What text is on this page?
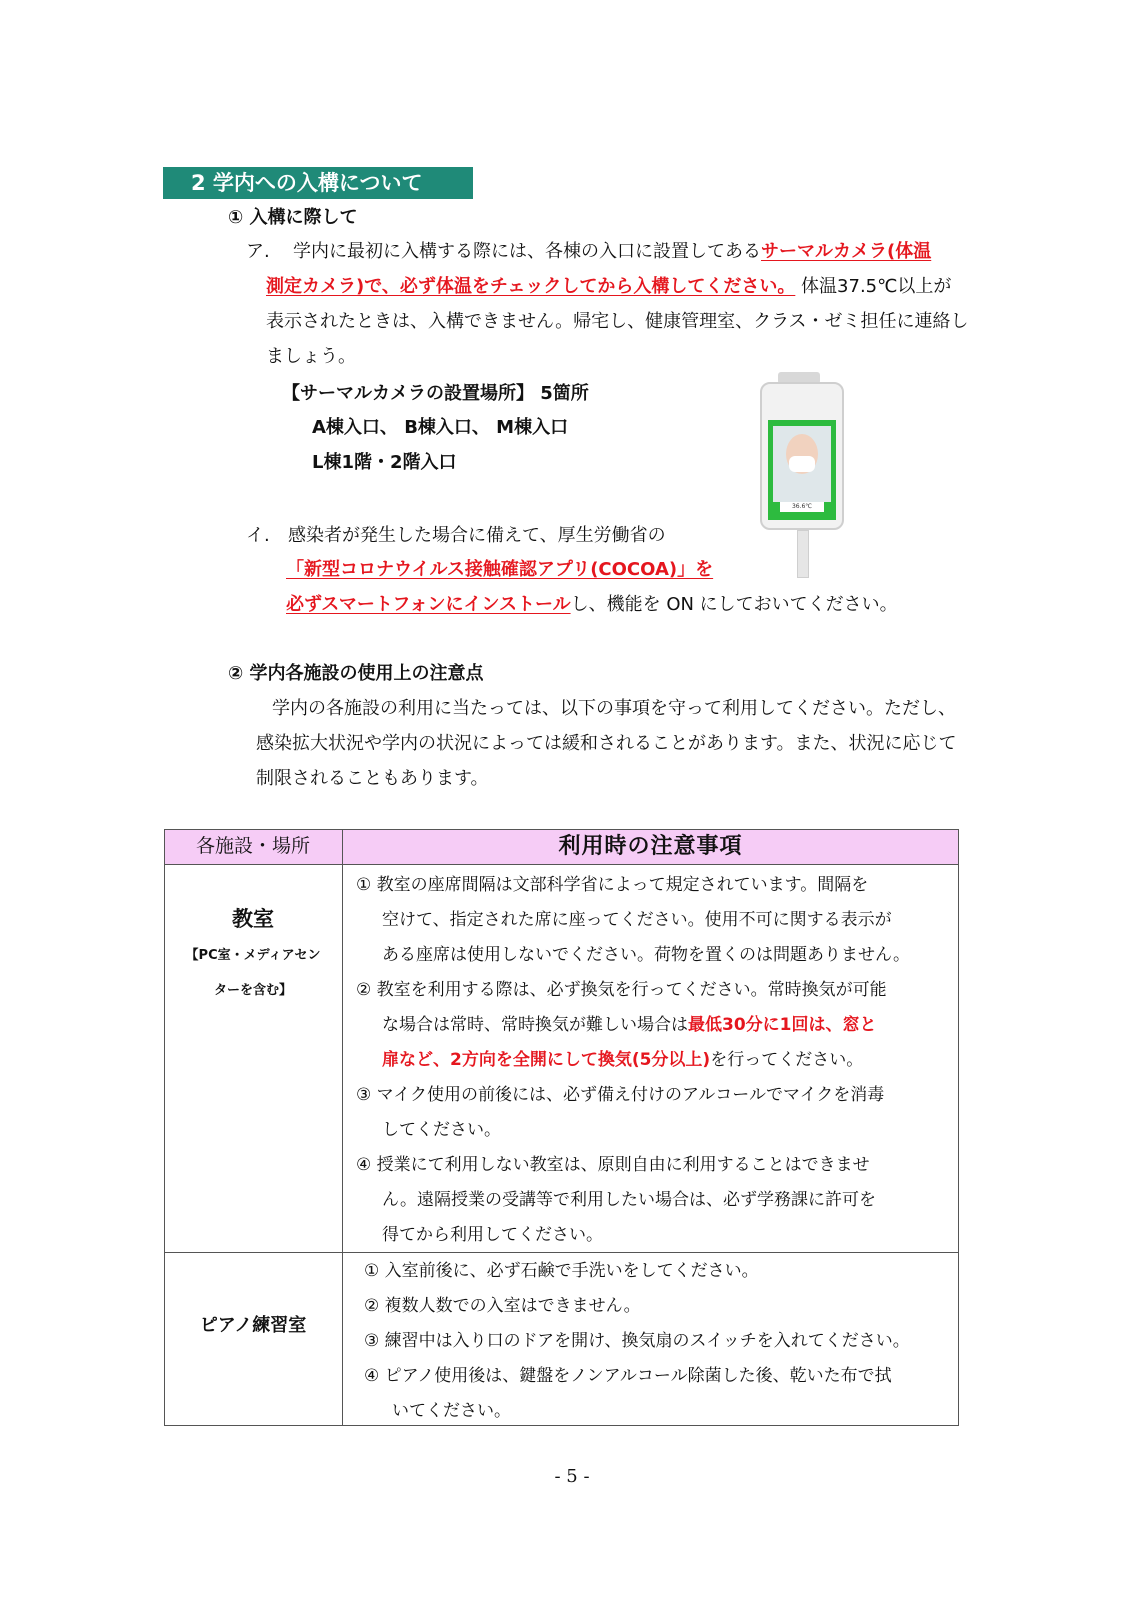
2 学内への入構について
① 入構に際して
ア. 学内に最初に入構する際には、各棟の入口に設置してあるサーマルカメラ(体温
測定カメラ)で、必ず体温をチェックしてから入構してください。 体温37.5℃以上が
表示されたときは、入構できません。帰宅し、健康管理室、クラス・ゼミ担任に連絡し
ましょう。
【サーマルカメラの設置場所】 5箇所
A棟入口、 B棟入口、 M棟入口
L棟1階・2階入口
36.6℃
イ. 感染者が発生した場合に備えて、厚生労働省の
「新型コロナウイルス接触確認アプリ(COCOA)」を
必ずスマートフォンにインストールし、機能を ON にしておいてください。
② 学内各施設の使用上の注意点
学内の各施設の利用に当たっては、以下の事項を守って利用してください。ただし、
感染拡大状況や学内の状況によっては緩和されることがあります。また、状況に応じて
制限されることもあります。
各施設・場所	利用時の注意事項
教室
【PC室・メディアセン
ターを含む】
① 教室の座席間隔は文部科学省によって規定されています。間隔を
空けて、指定された席に座ってください。使用不可に関する表示が
ある座席は使用しないでください。荷物を置くのは問題ありません。
② 教室を利用する際は、必ず換気を行ってください。常時換気が可能
な場合は常時、常時換気が難しい場合は最低30分に1回は、窓と
扉など、2方向を全開にして換気(5分以上)を行ってください。
③ マイク使用の前後には、必ず備え付けのアルコールでマイクを消毒
してください。
④ 授業にて利用しない教室は、原則自由に利用することはできませ
ん。遠隔授業の受講等で利用したい場合は、必ず学務課に許可を
得てから利用してください。
ピアノ練習室
① 入室前後に、必ず石鹸で手洗いをしてください。
② 複数人数での入室はできません。
③ 練習中は入り口のドアを開け、換気扇のスイッチを入れてください。
④ ピアノ使用後は、鍵盤をノンアルコール除菌した後、乾いた布で拭
いてください。
- 5 -
